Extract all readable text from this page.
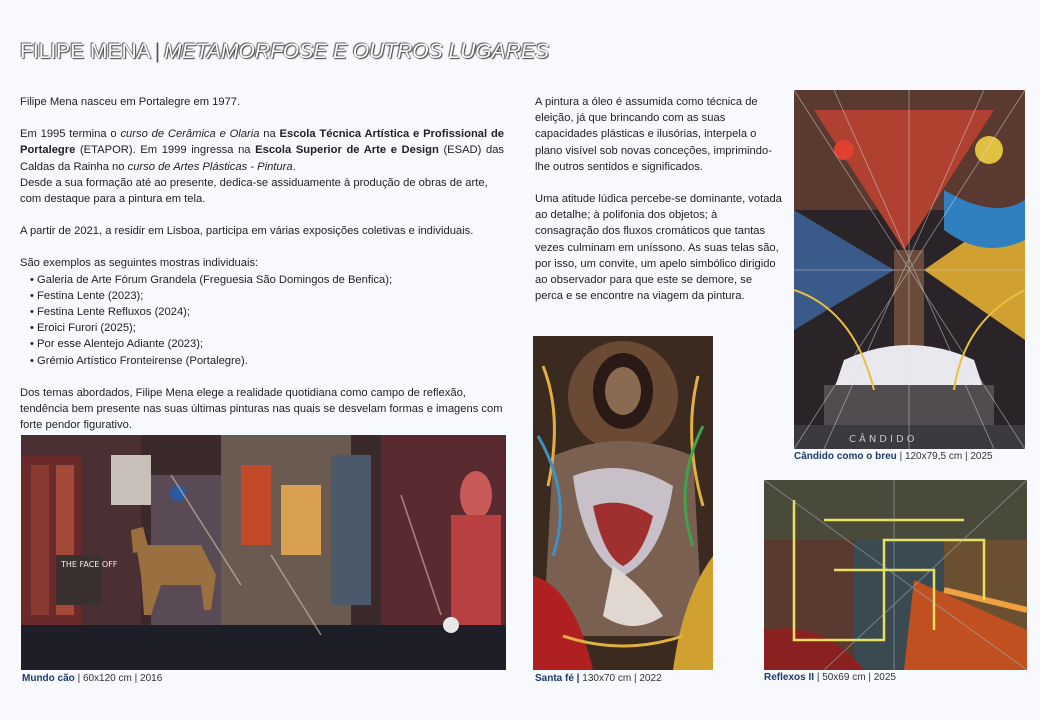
FILIPE MENA | METAMORFOSE E OUTROS LUGARES

Filipe Mena nasceu em Portalegre em 1977.

Em 1995 termina o curso de Cerâmica e Olaria na Escola Técnica Artística e Profissional de Portalegre (ETAPOR). Em 1999 ingressa na Escola Superior de Arte e Design (ESAD) das Caldas da Rainha no curso de Artes Plásticas - Pintura.

Desde a sua formação até ao presente, dedica-se assiduamente à produção de obras de arte, com destaque para a pintura em tela.

A partir de 2021, a residir em Lisboa, participa em várias exposições coletivas e individuais.

São exemplos as seguintes mostras individuais:

• Galeria de Arte Fórum Grandela (Freguesia São Domingos de Benfica);
• Festina Lente (2023);
• Festina Lente Refluxos (2024);
• Eroici Furori (2025);
• Por esse Alentejo Adiante (2023);
• Grémio Artístico Fronteirense (Portalegre).

Dos temas abordados, Filipe Mena elege a realidade quotidiana como campo de reflexão, tendência bem presente nas suas últimas pinturas nas quais se desvelam formas e imagens com forte pendor figurativo.

A pintura a óleo é assumida como técnica de eleição, já que brincando com as suas capacidades plásticas e ilusórias, interpela o plano visível sob novas conceções, imprimindo-lhe outros sentidos e significados.

Uma atitude lúdica percebe-se dominante, votada ao detalhe; à polifonia dos objetos; à consagração dos fluxos cromáticos que tantas vezes culminam em uníssono. As suas telas são, por isso, um convite, um apelo simbólico dirigido ao observador para que este se demore, se perca e se encontre na viagem da pintura.

THE FACE OFF
Mundo cão | 60x120 cm | 2016	Santa fé | 130x70 cm | 2022
CÂNDIDO
Cândido como o breu | 120x79,5 cm | 2025
Reflexos II | 50x69 cm | 2025
